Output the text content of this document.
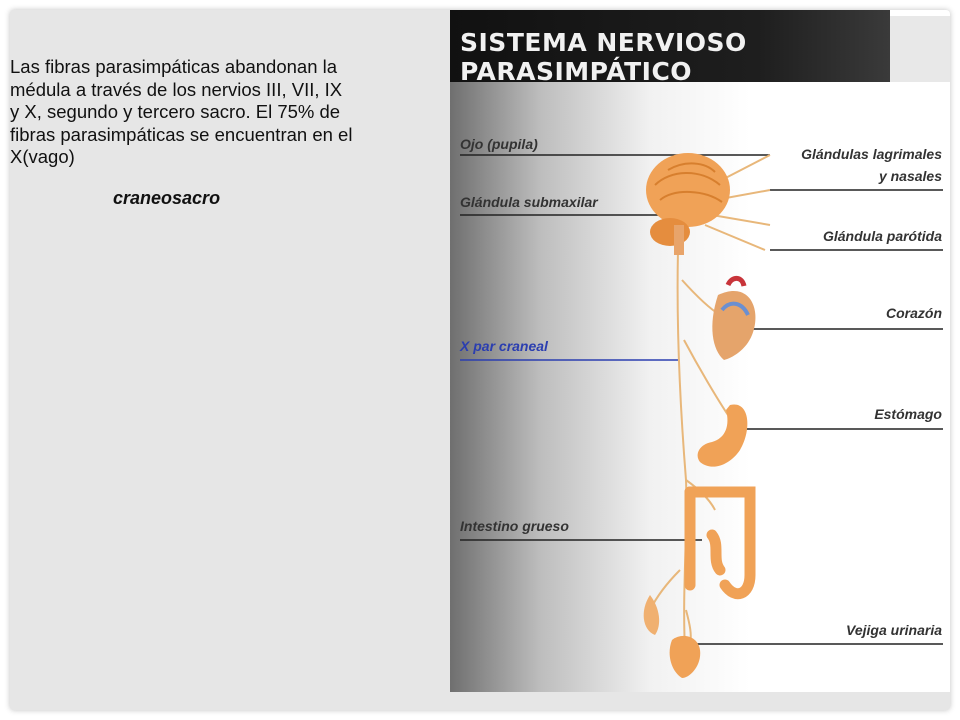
Las fibras parasimpáticas abandonan la
médula a través de los nervios III, VII, IX
y X, segundo y tercero sacro. El 75% de
fibras parasimpáticas se encuentran en el
X(vago)

craneosacro

SISTEMA NERVIOSO PARASIMPÁTICO

Ojo (pupila)

Glándula submaxilar

X par craneal

Intestino grueso

Glándulas lagrimales

y nasales

Glándula parótida

Corazón

Estómago

Vejiga urinaria
